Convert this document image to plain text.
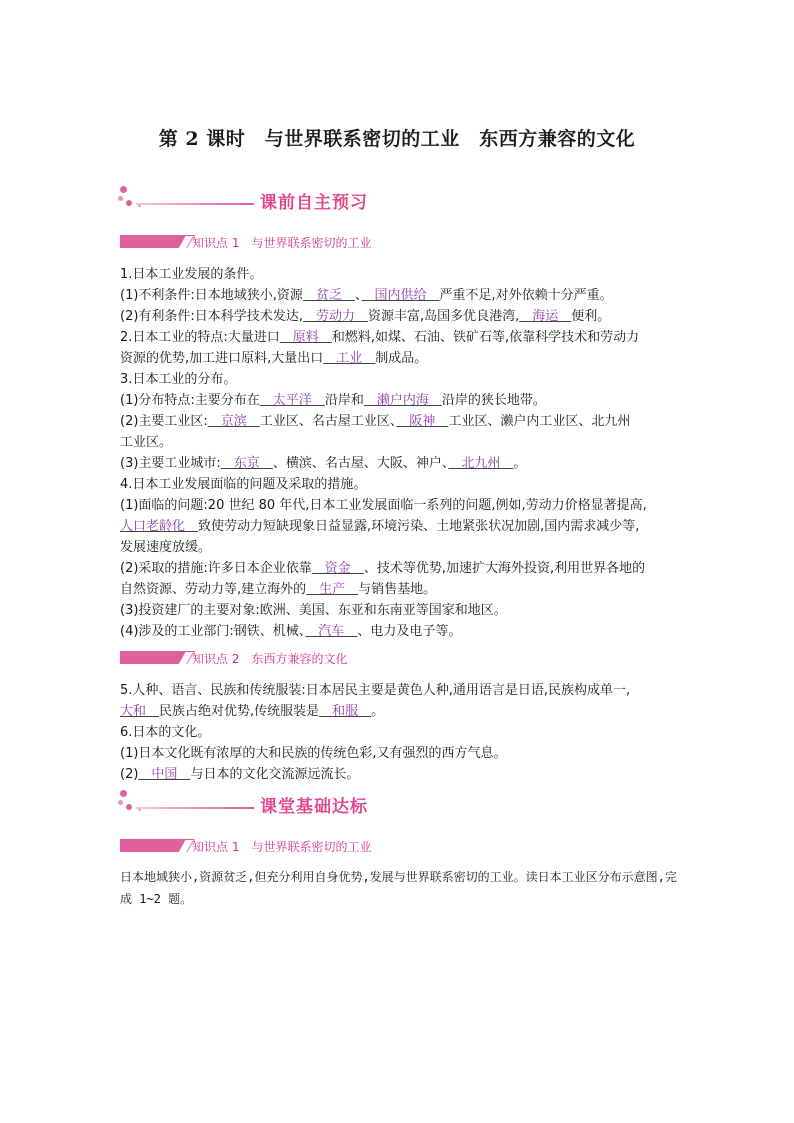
第 2 课时　与世界联系密切的工业　东西方兼容的文化
课前自主预习
知识点 1　与世界联系密切的工业

1.日本工业发展的条件。

(1)不利条件:日本地域狭小,资源　贫乏　、　国内供给　严重不足,对外依赖十分严重。

(2)有利条件:日本科学技术发达,　劳动力　资源丰富,岛国多优良港湾,　海运　便利。

2.日本工业的特点:大量进口　原料　和燃料,如煤、石油、铁矿石等,依靠科学技术和劳动力

资源的优势,加工进口原料,大量出口　工业　制成品。

3.日本工业的分布。

(1)分布特点:主要分布在　太平洋　沿岸和　濑户内海　沿岸的狭长地带。

(2)主要工业区:　京滨　工业区、名古屋工业区、　阪神　工业区、濑户内工业区、北九州

工业区。

(3)主要工业城市:　东京　、横滨、名古屋、大阪、神户、　北九州　。

4.日本工业发展面临的问题及采取的措施。

(1)面临的问题:20 世纪 80 年代,日本工业发展面临一系列的问题,例如,劳动力价格显著提高,

人口老龄化　致使劳动力短缺现象日益显露,环境污染、土地紧张状况加剧,国内需求减少等,

发展速度放缓。

(2)采取的措施:许多日本企业依靠　资金　、技术等优势,加速扩大海外投资,利用世界各地的

自然资源、劳动力等,建立海外的　生产　与销售基地。

(3)投资建厂的主要对象:欧洲、美国、东亚和东南亚等国家和地区。

(4)涉及的工业部门:钢铁、机械、　汽车　、电力及电子等。

知识点 2　东西方兼容的文化

5.人种、语言、民族和传统服装:日本居民主要是黄色人种,通用语言是日语,民族构成单一,

大和　民族占绝对优势,传统服装是　和服　。

6.日本的文化。

(1)日本文化既有浓厚的大和民族的传统色彩,又有强烈的西方气息。

(2)　中国　与日本的文化交流源远流长。

课堂基础达标
知识点 1　与世界联系密切的工业
日本地域狭小,资源贫乏,但充分利用自身优势,发展与世界联系密切的工业。读日本工业区分布示意图,完成 1~2 题。
